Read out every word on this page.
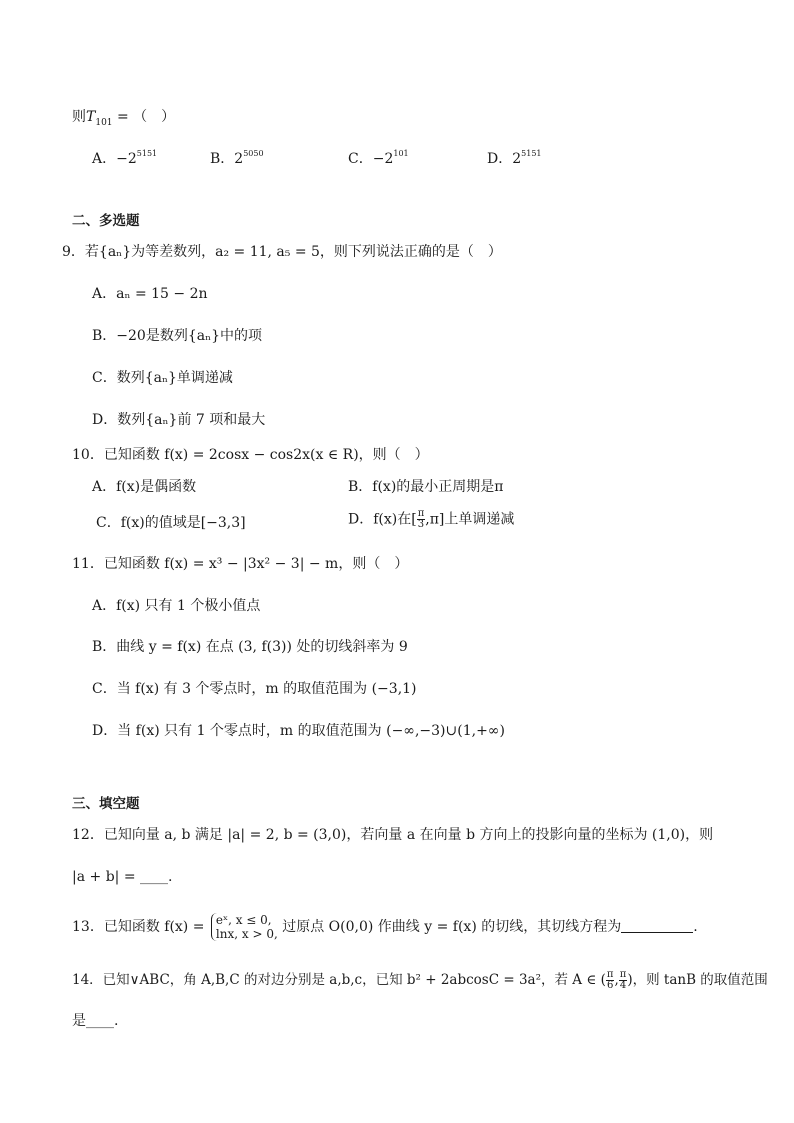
则$T_{101}$ = （　）
A．$-2^{5151}$	B．$2^{5050}$	C．$-2^{101}$	D．$2^{5151}$
二、多选题
9．若{aₙ}为等差数列，a₂ = 11, a₅ = 5，则下列说法正确的是（　）
A．aₙ = 15 − 2n
B．−20是数列{aₙ}中的项
C．数列{aₙ}单调递减
D．数列{aₙ}前 7 项和最大
10．已知函数 f(x) = 2cosx − cos2x(x ∈ R)，则（　）
A．f(x)是偶函数	B．f(x)的最小正周期是π
C．f(x)的值域是[−3,3]	D．f(x)在[ $\frac{\pi}{3} ,\pi$]上单调递减
11．已知函数 f(x) = x³ − |3x² − 3| − m，则（　）
A．f(x) 只有 1 个极小值点
B．曲线 y = f(x) 在点 (3, f(3)) 处的切线斜率为 9
C．当 f(x) 有 3 个零点时，m 的取值范围为 (−3,1)
D．当 f(x) 只有 1 个零点时，m 的取值范围为 (−∞,−3)∪(1,+∞)
三、填空题
12．已知向量 a, b 满足 |a| = 2, b = (3,0)，若向量 a 在向量 b 方向上的投影向量的坐标为 (1,0)，则
|a + b| = ____.
13．已知函数 f(x) = eˣ, x ≤ 0,
lnx, x > 0, 过原点 O(0,0) 作曲线 y = f(x) 的切线，其切线方程为	.
14．已知∨ABC，角 A,B,C 的对边分别是 a,b,c，已知 b² + 2abcosC = 3a²，若 A ∈ ( $\frac{\pi}{6}$ , $\frac{\pi}{4}$ )，则 tanB 的取值范围
是____.
